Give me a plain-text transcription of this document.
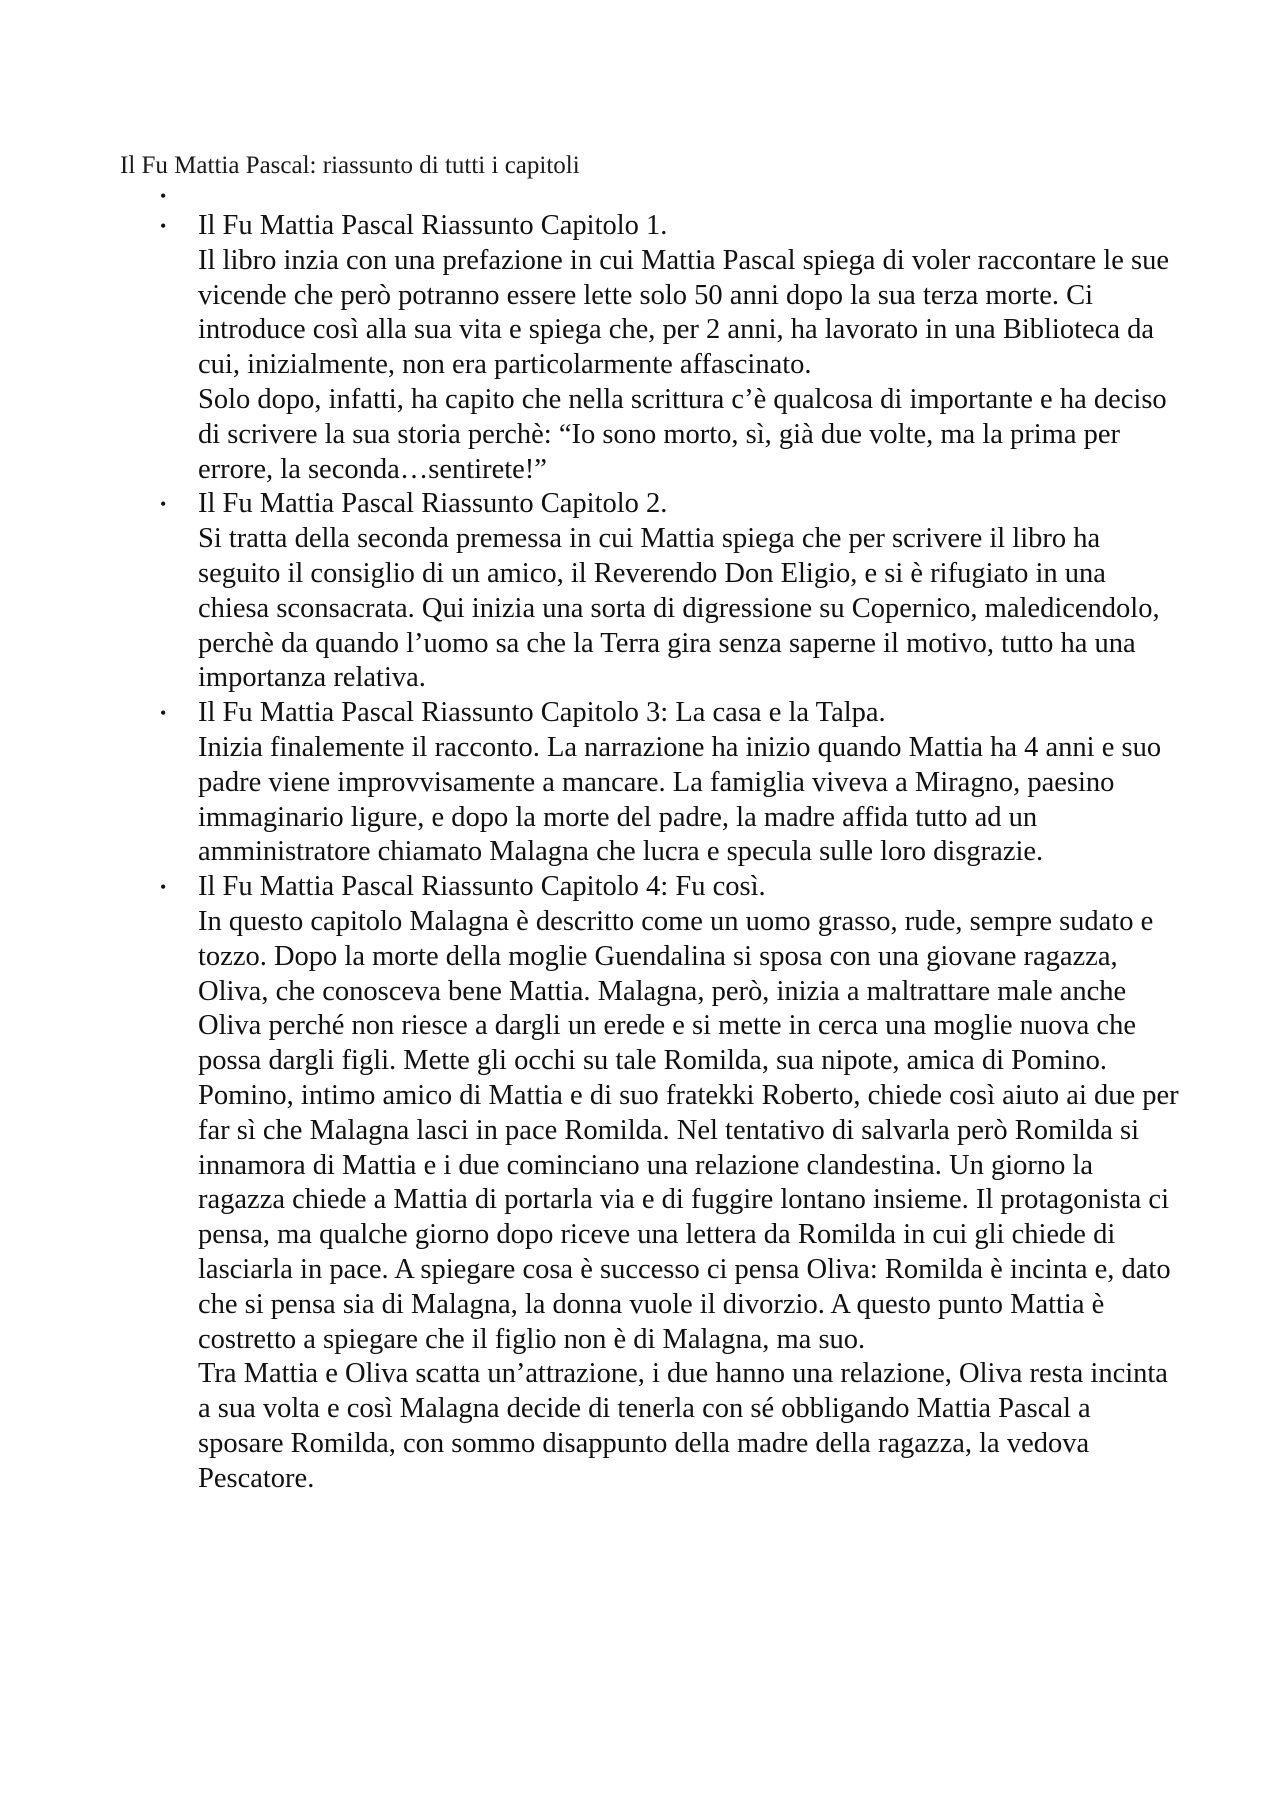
Il Fu Mattia Pascal: riassunto di tutti i capitoli

•
• Il Fu Mattia Pascal Riassunto Capitolo 1.
Il libro inzia con una prefazione in cui Mattia Pascal spiega di voler raccontare le sue vicende che però potranno essere lette solo 50 anni dopo la sua terza morte. Ci introduce così alla sua vita e spiega che, per 2 anni, ha lavorato in una Biblioteca da cui, inizialmente, non era particolarmente affascinato.
Solo dopo, infatti, ha capito che nella scrittura c’è qualcosa di importante e ha deciso di scrivere la sua storia perchè: “Io sono morto, sì, già due volte, ma la prima per errore, la seconda…sentirete!”
• Il Fu Mattia Pascal Riassunto Capitolo 2.
Si tratta della seconda premessa in cui Mattia spiega che per scrivere il libro ha seguito il consiglio di un amico, il Reverendo Don Eligio, e si è rifugiato in una chiesa sconsacrata. Qui inizia una sorta di digressione su Copernico, maledicendolo, perchè da quando l’uomo sa che la Terra gira senza saperne il motivo, tutto ha una importanza relativa.
• Il Fu Mattia Pascal Riassunto Capitolo 3: La casa e la Talpa.
Inizia finalemente il racconto. La narrazione ha inizio quando Mattia ha 4 anni e suo padre viene improvvisamente a mancare. La famiglia viveva a Miragno, paesino immaginario ligure, e dopo la morte del padre, la madre affida tutto ad un amministratore chiamato Malagna che lucra e specula sulle loro disgrazie.
• Il Fu Mattia Pascal Riassunto Capitolo 4: Fu così.
In questo capitolo Malagna è descritto come un uomo grasso, rude, sempre sudato e tozzo. Dopo la morte della moglie Guendalina si sposa con una giovane ragazza, Oliva, che conosceva bene Mattia. Malagna, però, inizia a maltrattare male anche Oliva perché non riesce a dargli un erede e si mette in cerca una moglie nuova che possa dargli figli. Mette gli occhi su tale Romilda, sua nipote, amica di Pomino. Pomino, intimo amico di Mattia e di suo fratekki Roberto, chiede così aiuto ai due per far sì che Malagna lasci in pace Romilda. Nel tentativo di salvarla però Romilda si innamora di Mattia e i due cominciano una relazione clandestina. Un giorno la ragazza chiede a Mattia di portarla via e di fuggire lontano insieme. Il protagonista ci pensa, ma qualche giorno dopo riceve una lettera da Romilda in cui gli chiede di lasciarla in pace. A spiegare cosa è successo ci pensa Oliva: Romilda è incinta e, dato che si pensa sia di Malagna, la donna vuole il divorzio. A questo punto Mattia è costretto a spiegare che il figlio non è di Malagna, ma suo.
Tra Mattia e Oliva scatta un’attrazione, i due hanno una relazione, Oliva resta incinta a sua volta e così Malagna decide di tenerla con sé obbligando Mattia Pascal a sposare Romilda, con sommo disappunto della madre della ragazza, la vedova Pescatore.
